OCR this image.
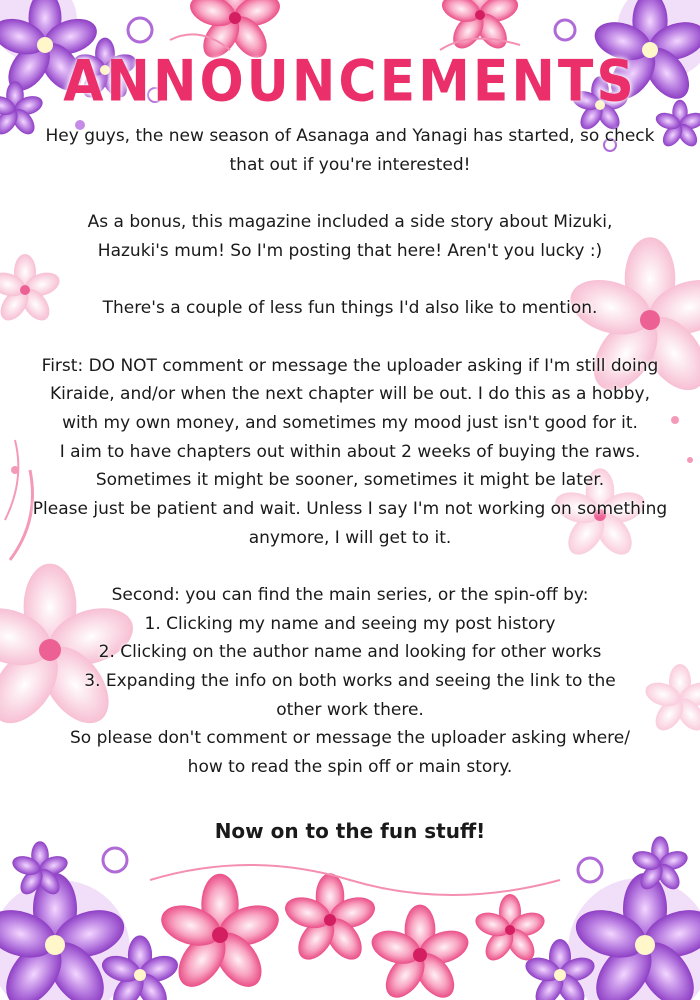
ANNOUNCEMENTS
Hey guys, the new season of Asanaga and Yanagi has started, so check
that out if you're interested!
As a bonus, this magazine included a side story about Mizuki,
Hazuki's mum! So I'm posting that here! Aren't you lucky :)
There's a couple of less fun things I'd also like to mention.
First: DO NOT comment or message the uploader asking if I'm still doing
Kiraide, and/or when the next chapter will be out. I do this as a hobby,
with my own money, and sometimes my mood just isn't good for it.
I aim to have chapters out within about 2 weeks of buying the raws.
Sometimes it might be sooner, sometimes it might be later.
Please just be patient and wait. Unless I say I'm not working on something
anymore, I will get to it.
Second: you can find the main series, or the spin-off by:
1. Clicking my name and seeing my post history
2. Clicking on the author name and looking for other works
3. Expanding the info on both works and seeing the link to the
other work there.
So please don't comment or message the uploader asking where/
how to read the spin off or main story.
Now on to the fun stuff!
